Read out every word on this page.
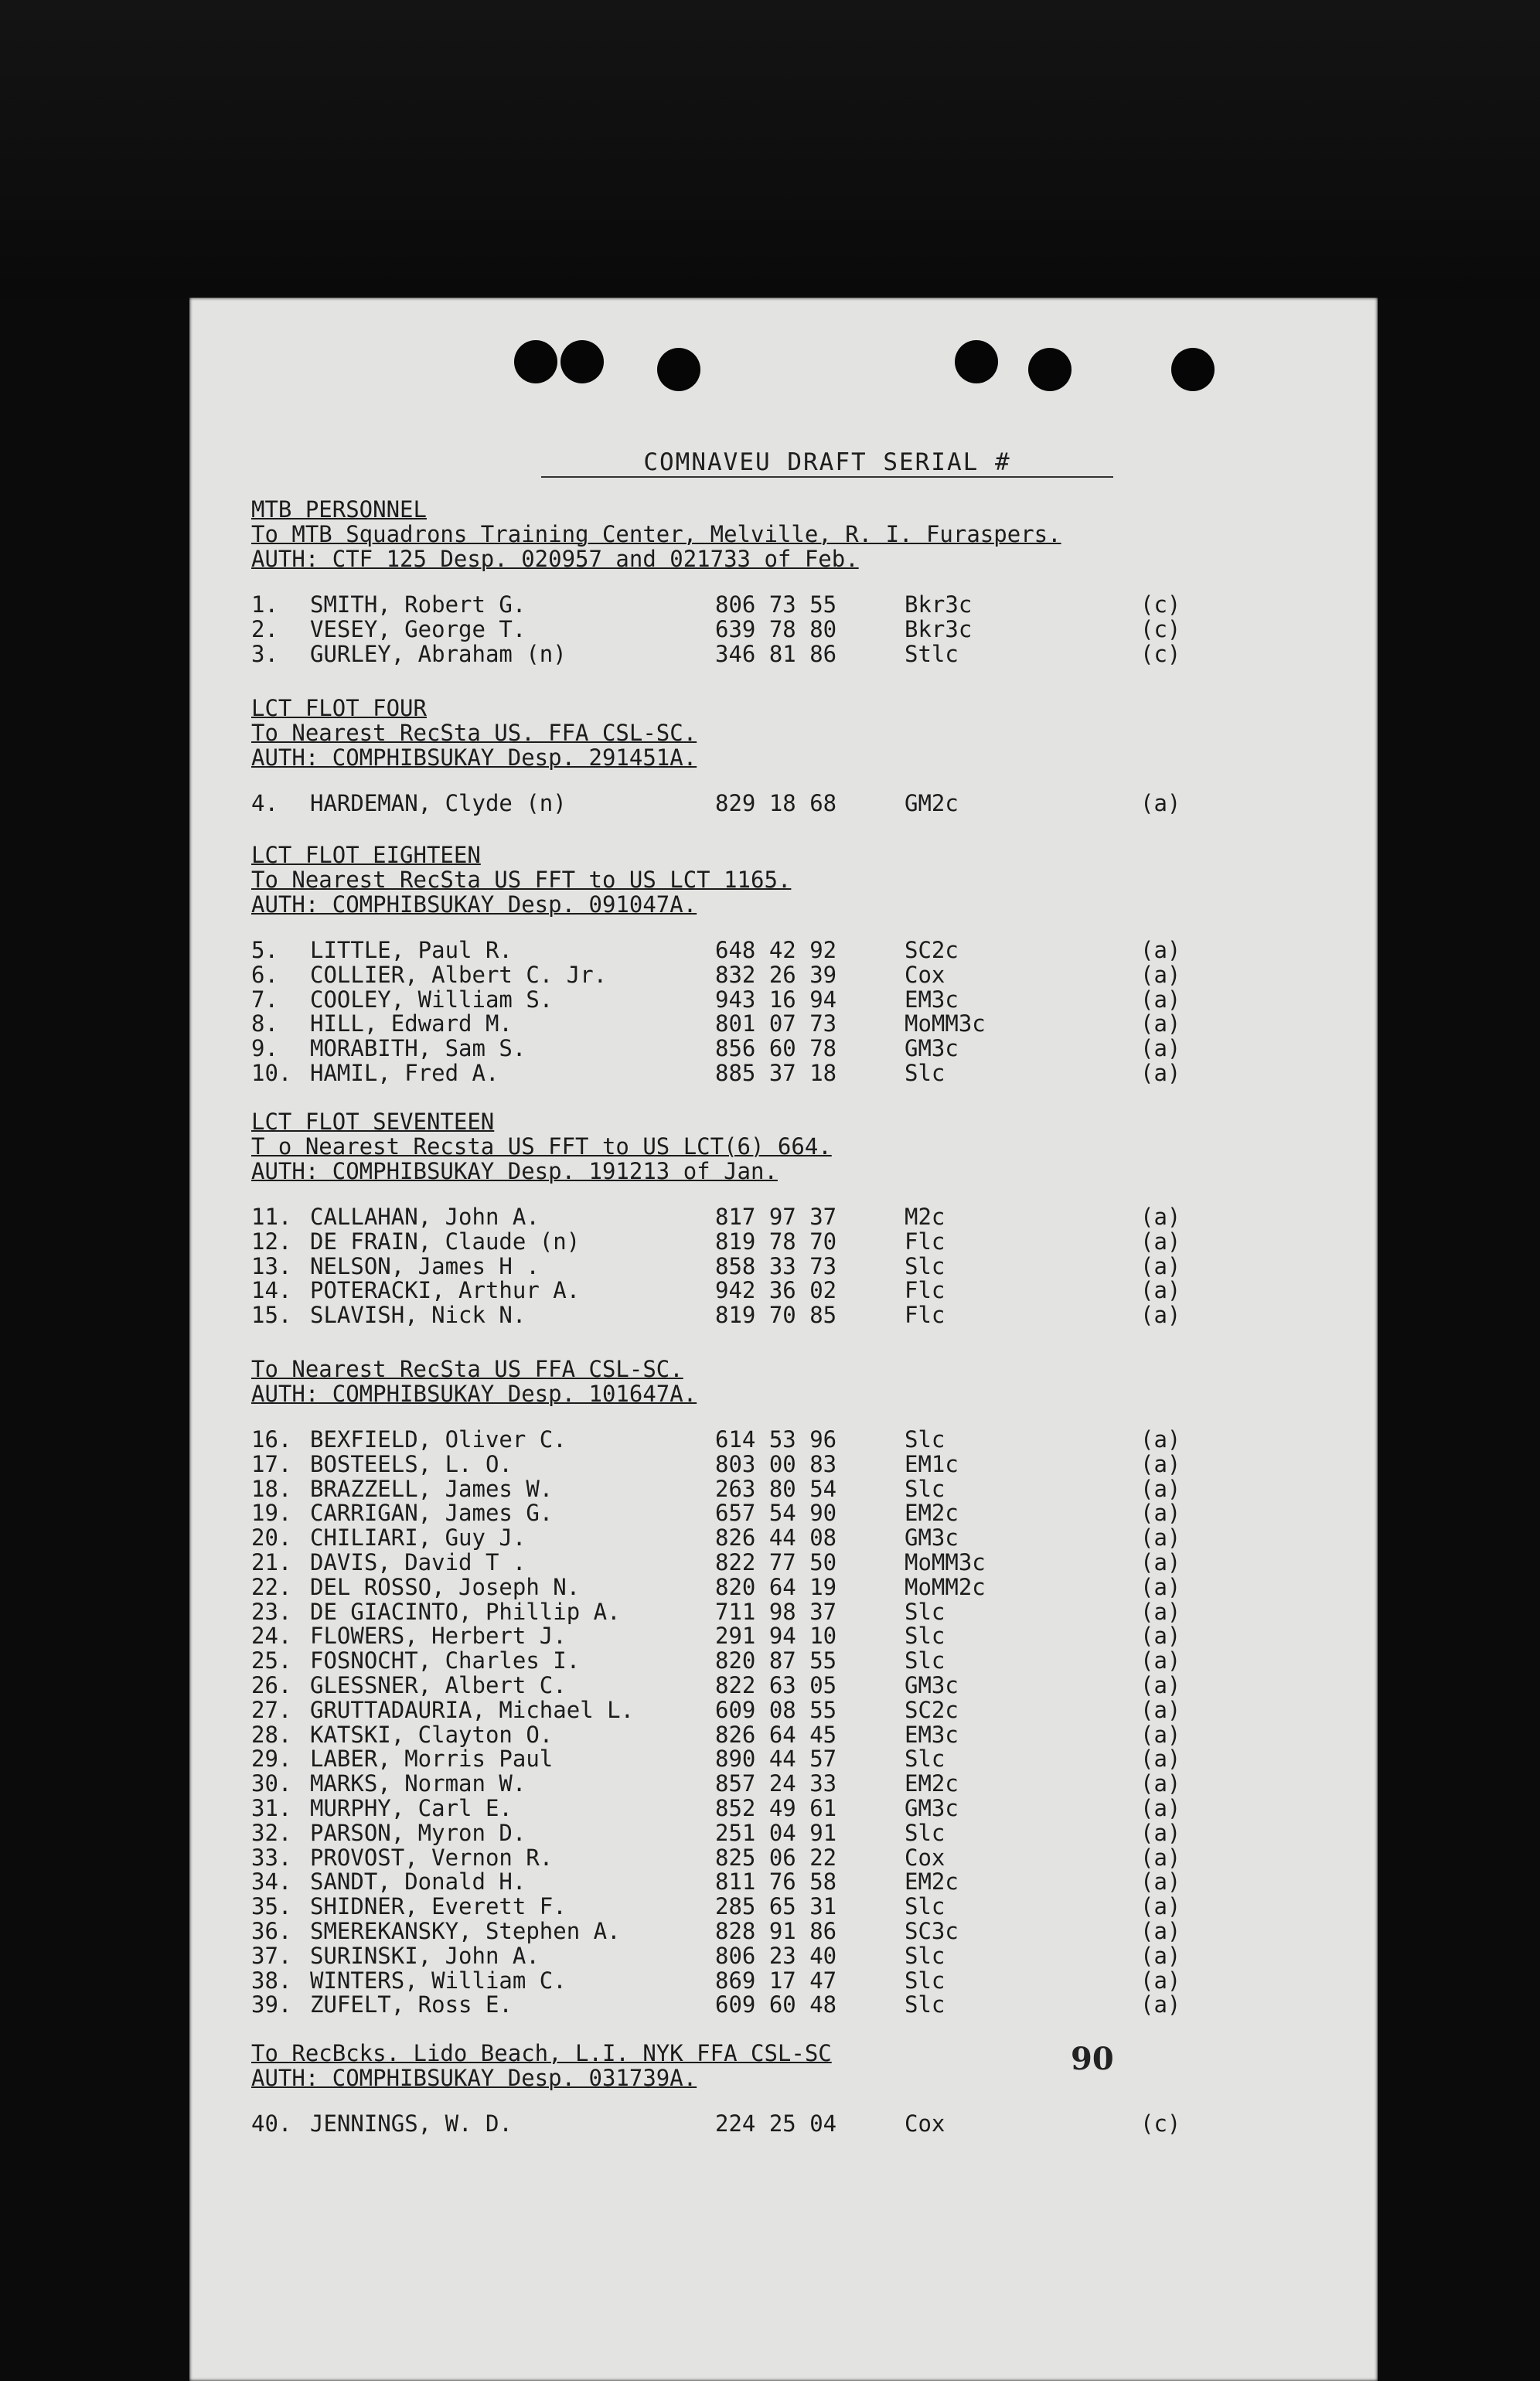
COMNAVEU DRAFT SERIAL #
MTB PERSONNEL
To MTB Squadrons Training Center, Melville, R. I. Furaspers.
AUTH: CTF 125 Desp. 020957 and 021733 of Feb.
1.	SMITH, Robert G.	806 73 55	Bkr3c	(c)
2.	VESEY, George T.	639 78 80	Bkr3c	(c)
3.	GURLEY, Abraham (n)	346 81 86	Stlc	(c)
LCT FLOT FOUR
To Nearest RecSta US. FFA CSL-SC.
AUTH: COMPHIBSUKAY Desp. 291451A.
4.	HARDEMAN, Clyde (n)	829 18 68	GM2c	(a)
LCT FLOT EIGHTEEN
To Nearest RecSta US FFT to US LCT 1165.
AUTH: COMPHIBSUKAY Desp. 091047A.
5.	LITTLE, Paul R.	648 42 92	SC2c	(a)
6.	COLLIER, Albert C. Jr.	832 26 39	Cox	(a)
7.	COOLEY, William S.	943 16 94	EM3c	(a)
8.	HILL, Edward M.	801 07 73	MoMM3c	(a)
9.	MORABITH, Sam S.	856 60 78	GM3c	(a)
10. HAMIL, Fred A.	885 37 18	Slc	(a)
LCT FLOT SEVENTEEN
T o Nearest Recsta US FFT to US LCT(6) 664.
AUTH: COMPHIBSUKAY Desp. 191213 of Jan.
11. CALLAHAN, John A.	817 97 37	M2c	(a)
12. DE FRAIN, Claude (n)	819 78 70	Flc	(a)
13. NELSON, James H .	858 33 73	Slc	(a)
14. POTERACKI, Arthur A.	942 36 02	Flc	(a)
15. SLAVISH, Nick N.	819 70 85	Flc	(a)
To Nearest RecSta US FFA CSL-SC.
AUTH: COMPHIBSUKAY Desp. 101647A.
16. BEXFIELD, Oliver C.	614 53 96	Slc	(a)
17. BOSTEELS, L. O.	803 00 83	EM1c	(a)
18. BRAZZELL, James W.	263 80 54	Slc	(a)
19. CARRIGAN, James G.	657 54 90	EM2c	(a)
20. CHILIARI, Guy J.	826 44 08	GM3c	(a)
21. DAVIS, David T .	822 77 50	MoMM3c	(a)
22. DEL ROSSO, Joseph N.	820 64 19	MoMM2c	(a)
23. DE GIACINTO, Phillip A.	711 98 37	Slc	(a)
24. FLOWERS, Herbert J.	291 94 10	Slc	(a)
25. FOSNOCHT, Charles I.	820 87 55	Slc	(a)
26. GLESSNER, Albert C.	822 63 05	GM3c	(a)
27. GRUTTADAURIA, Michael L.	609 08 55	SC2c	(a)
28. KATSKI, Clayton O.	826 64 45	EM3c	(a)
29. LABER, Morris Paul	890 44 57	Slc	(a)
30. MARKS, Norman W.	857 24 33	EM2c	(a)
31. MURPHY, Carl E.	852 49 61	GM3c	(a)
32. PARSON, Myron D.	251 04 91	Slc	(a)
33. PROVOST, Vernon R.	825 06 22	Cox	(a)
34. SANDT, Donald H.	811 76 58	EM2c	(a)
35. SHIDNER, Everett F.	285 65 31	Slc	(a)
36. SMEREKANSKY, Stephen A.	828 91 86	SC3c	(a)
37. SURINSKI, John A.	806 23 40	Slc	(a)
38. WINTERS, William C.	869 17 47	Slc	(a)
39. ZUFELT, Ross E.	609 60 48	Slc	(a)
To RecBcks. Lido Beach, L.I. NYK FFA CSL-SC
AUTH: COMPHIBSUKAY Desp. 031739A.
40. JENNINGS, W. D.	224 25 04	Cox	(c)
90
